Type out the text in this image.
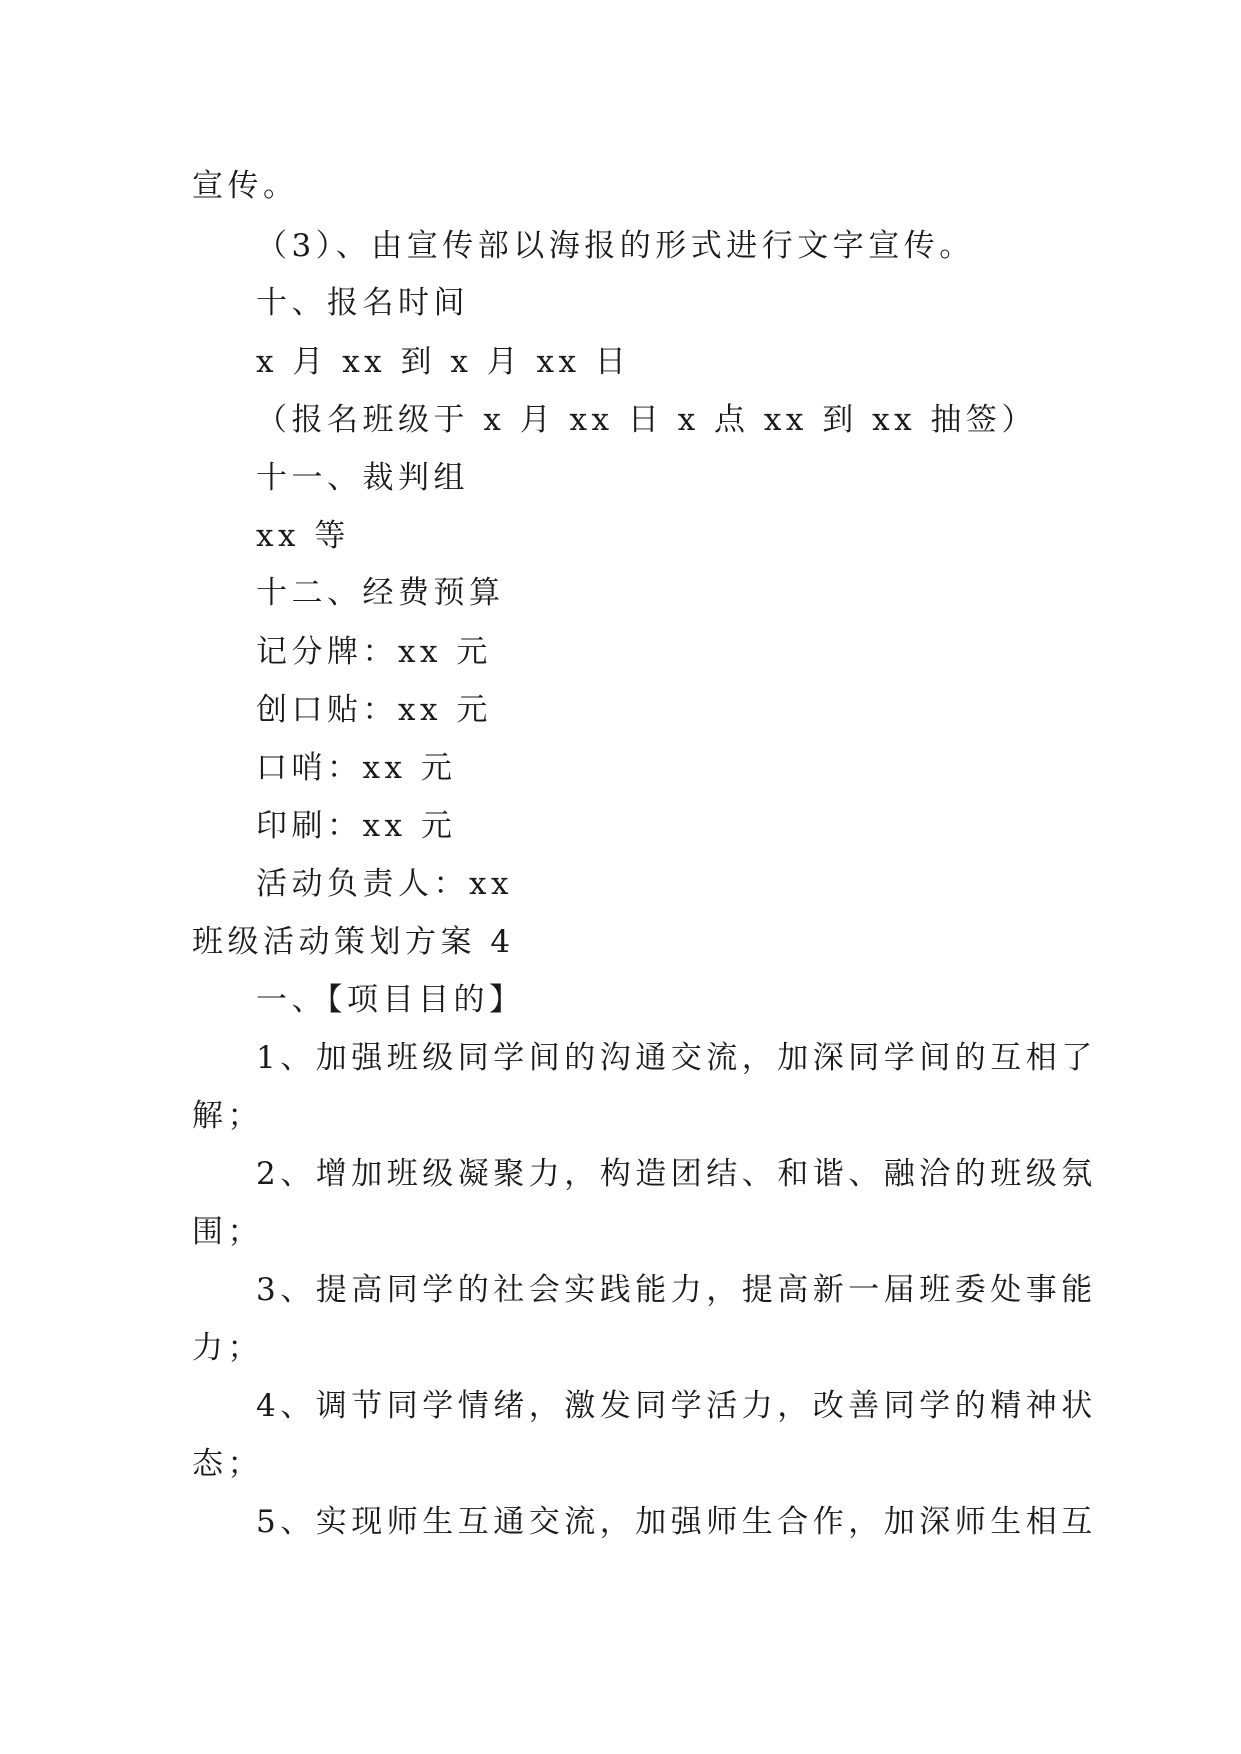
宣传。
（3）、由宣传部以海报的形式进行文字宣传。
十、报名时间
x 月 xx 到 x 月 xx 日
（报名班级于 x 月 xx 日 x 点 xx 到 xx 抽签）
十一、裁判组
xx 等
十二、经费预算
记分牌：xx 元
创口贴：xx 元
口哨：xx 元
印刷：xx 元
活动负责人：xx
班级活动策划方案 4
一、【项目目的】
1、加强班级同学间的沟通交流，加深同学间的互相了
解；
2、增加班级凝聚力，构造团结、和谐、融洽的班级氛
围；
3、提高同学的社会实践能力，提高新一届班委处事能
力；
4、调节同学情绪，激发同学活力，改善同学的精神状
态；
5、实现师生互通交流，加强师生合作，加深师生相互
